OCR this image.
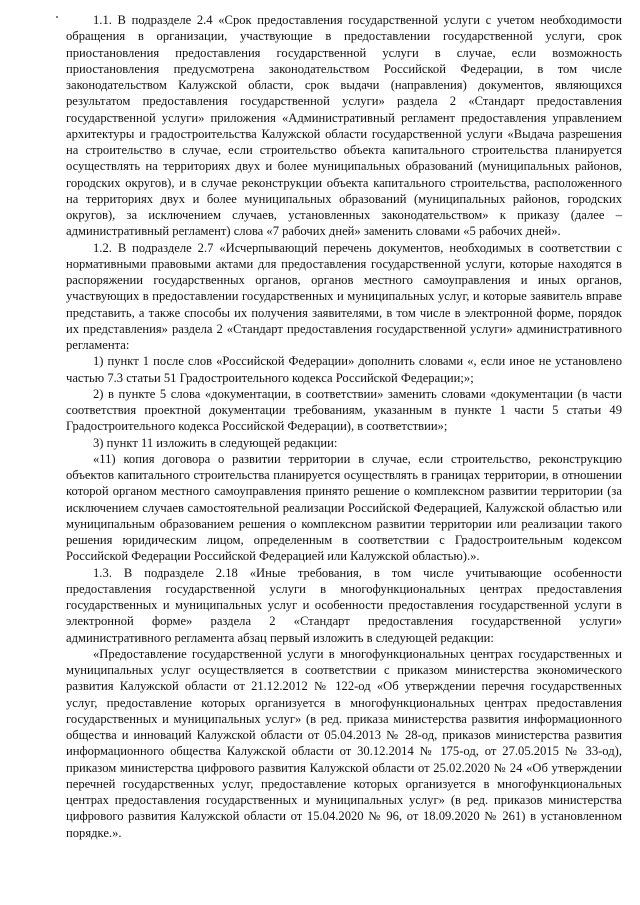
1.1. В подразделе 2.4 «Срок предоставления государственной услуги с учетом необходимости обращения в организации, участвующие в предоставлении государственной услуги, срок приостановления предоставления государственной услуги в случае, если возможность приостановления предусмотрена законодательством Российской Федерации, в том числе законодательством Калужской области, срок выдачи (направления) документов, являющихся результатом предоставления государственной услуги» раздела 2 «Стандарт предоставления государственной услуги» приложения «Административный регламент предоставления управлением архитектуры и градостроительства Калужской области государственной услуги «Выдача разрешения на строительство в случае, если строительство объекта капитального строительства планируется осуществлять на территориях двух и более муниципальных образований (муниципальных районов, городских округов), и в случае реконструкции объекта капитального строительства, расположенного на территориях двух и более муниципальных образований (муниципальных районов, городских округов), за исключением случаев, установленных законодательством» к приказу (далее – административный регламент) слова «7 рабочих дней» заменить словами «5 рабочих дней».

1.2. В подразделе 2.7 «Исчерпывающий перечень документов, необходимых в соответствии с нормативными правовыми актами для предоставления государственной услуги, которые находятся в распоряжении государственных органов, органов местного самоуправления и иных органов, участвующих в предоставлении государственных и муниципальных услуг, и которые заявитель вправе представить, а также способы их получения заявителями, в том числе в электронной форме, порядок их представления» раздела 2 «Стандарт предоставления государственной услуги» административного регламента:

1) пункт 1 после слов «Российской Федерации» дополнить словами «, если иное не установлено частью 7.3 статьи 51 Градостроительного кодекса Российской Федерации;»;

2) в пункте 5 слова «документации, в соответствии» заменить словами «документации (в части соответствия проектной документации требованиям, указанным в пункте 1 части 5 статьи 49 Градостроительного кодекса Российской Федерации), в соответствии»;

3) пункт 11 изложить в следующей редакции:

«11) копия договора о развитии территории в случае, если строительство, реконструкцию объектов капитального строительства планируется осуществлять в границах территории, в отношении которой органом местного самоуправления принято решение о комплексном развитии территории (за исключением случаев самостоятельной реализации Российской Федерацией, Калужской областью или муниципальным образованием решения о комплексном развитии территории или реализации такого решения юридическим лицом, определенным в соответствии с Градостроительным кодексом Российской Федерации Российской Федерацией или Калужской областью).».

1.3. В подразделе 2.18 «Иные требования, в том числе учитывающие особенности предоставления государственной услуги в многофункциональных центрах предоставления государственных и муниципальных услуг и особенности предоставления государственной услуги в электронной форме» раздела 2 «Стандарт предоставления государственной услуги» административного регламента абзац первый изложить в следующей редакции:

«Предоставление государственной услуги в многофункциональных центрах государственных и муниципальных услуг осуществляется в соответствии с приказом министерства экономического развития Калужской области от 21.12.2012 № 122-од «Об утверждении перечня государственных услуг, предоставление которых организуется в многофункциональных центрах предоставления государственных и муниципальных услуг» (в ред. приказа министерства развития информационного общества и инноваций Калужской области от 05.04.2013 № 28-од, приказов министерства развития информационного общества Калужской области от 30.12.2014 № 175-од, от 27.05.2015 № 33-од), приказом министерства цифрового развития Калужской области от 25.02.2020 № 24 «Об утверждении перечней государственных услуг, предоставление которых организуется в многофункциональных центрах предоставления государственных и муниципальных услуг» (в ред. приказов министерства цифрового развития Калужской области от 15.04.2020 № 96, от 18.09.2020 № 261) в установленном порядке.».
